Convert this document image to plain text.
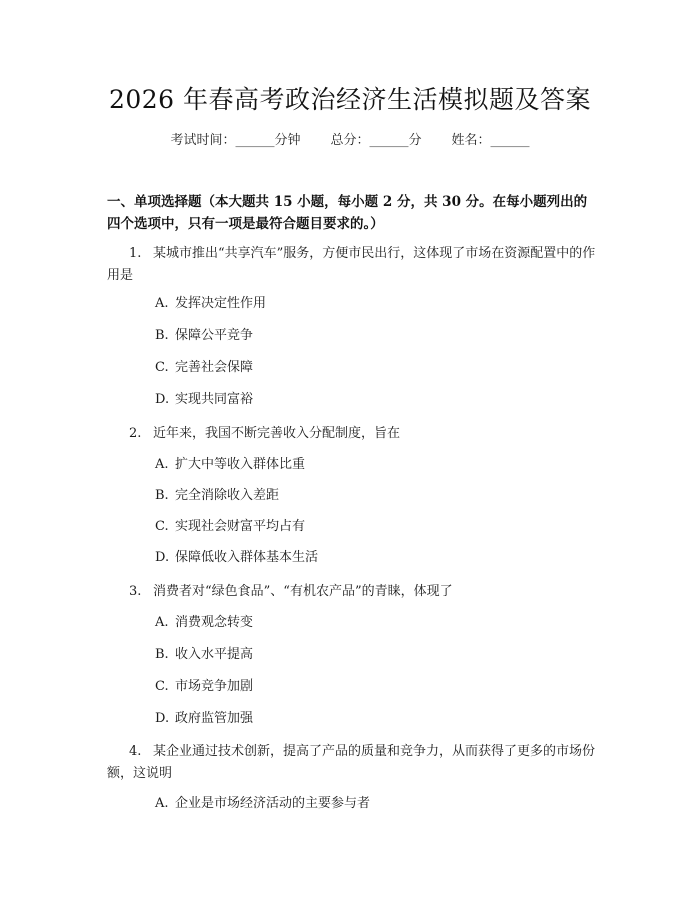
2026 年春高考政治经济生活模拟题及答案
考试时间：______分钟 总分：______分 姓名：______
一、单项选择题（本大题共 15 小题，每小题 2 分，共 30 分。在每小题列出的四个选项中，只有一项是最符合题目要求的。）
1. 某城市推出“共享汽车”服务，方便市民出行，这体现了市场在资源配置中的作用是
A. 发挥决定性作用
B. 保障公平竞争
C. 完善社会保障
D. 实现共同富裕
2. 近年来，我国不断完善收入分配制度，旨在
A. 扩大中等收入群体比重
B. 完全消除收入差距
C. 实现社会财富平均占有
D. 保障低收入群体基本生活
3. 消费者对“绿色食品”、“有机农产品”的青睐，体现了
A. 消费观念转变
B. 收入水平提高
C. 市场竞争加剧
D. 政府监管加强
4. 某企业通过技术创新，提高了产品的质量和竞争力，从而获得了更多的市场份额，这说明
A. 企业是市场经济活动的主要参与者
